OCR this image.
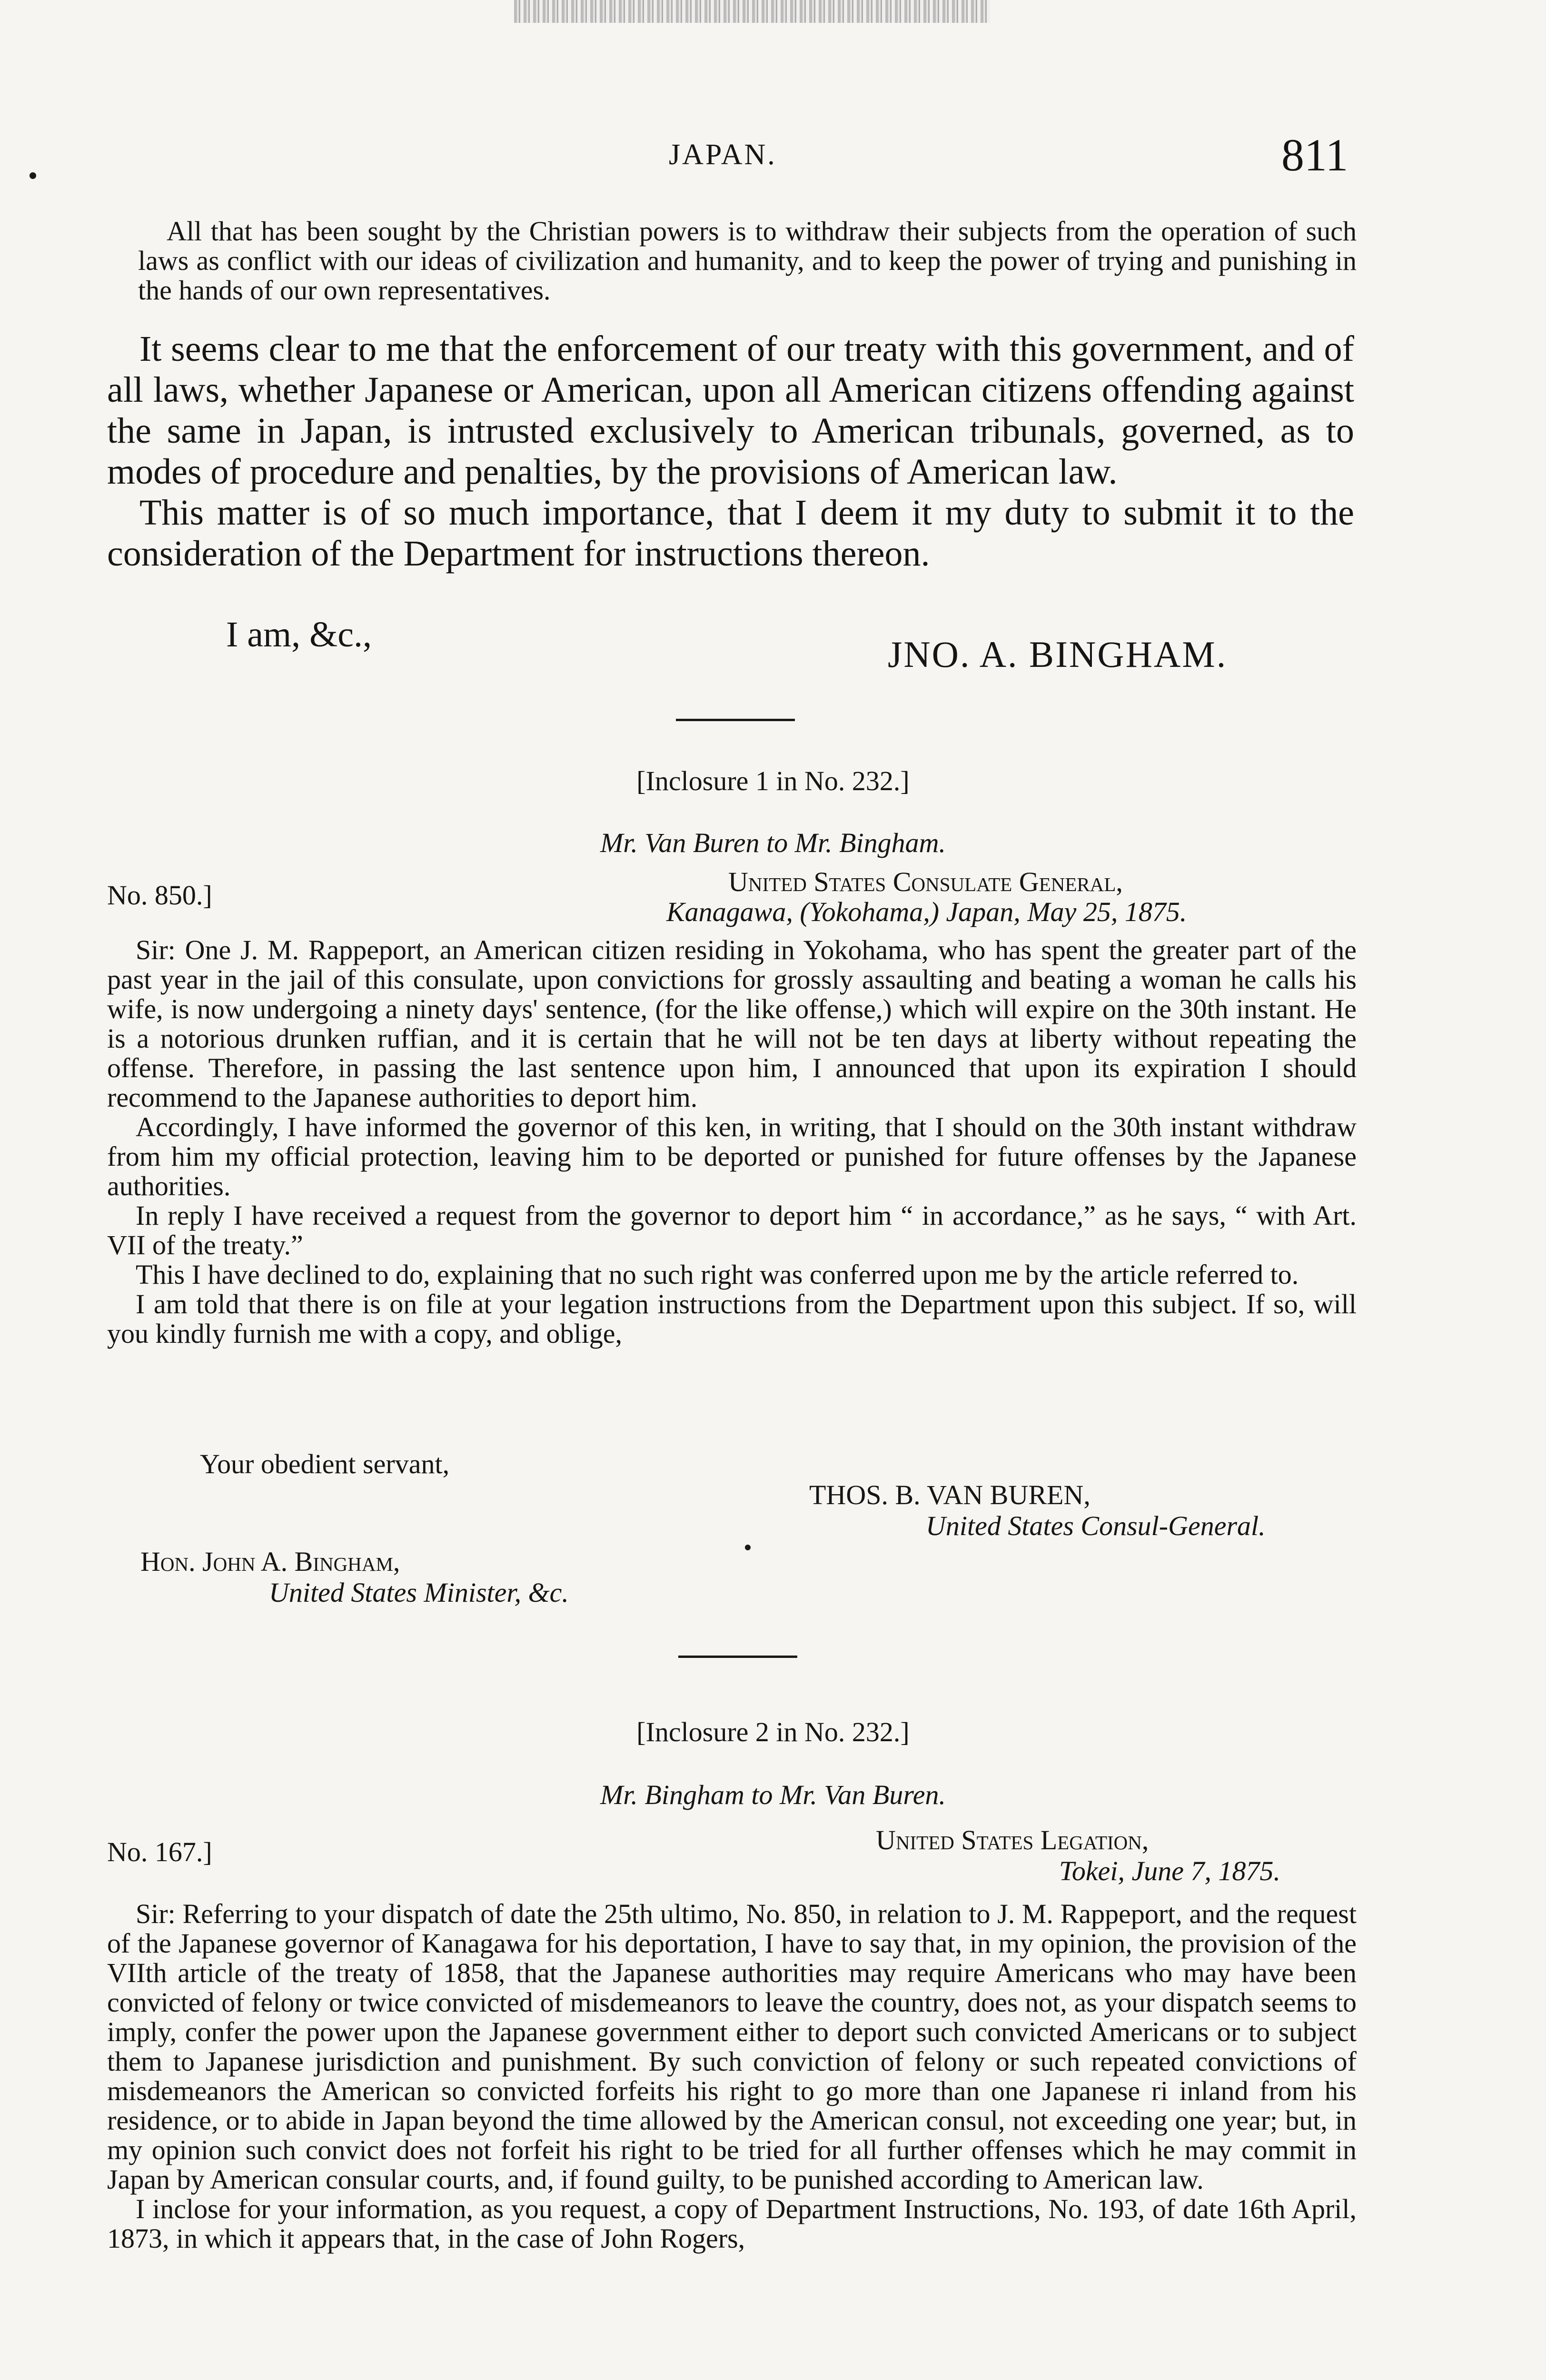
JAPAN.	811

All that has been sought by the Christian powers is to withdraw their subjects from the operation of such laws as conflict with our ideas of civilization and humanity, and to keep the power of trying and punishing in the hands of our own representatives.

It seems clear to me that the enforcement of our treaty with this government, and of all laws, whether Japanese or American, upon all American citizens offending against the same in Japan, is intrusted exclusively to American tribunals, governed, as to modes of procedure and penalties, by the provisions of American law.

This matter is of so much importance, that I deem it my duty to submit it to the consideration of the Department for instructions thereon.

I am, &c.,	JNO. A. BINGHAM.
[Inclosure 1 in No. 232.]
Mr. Van Buren to Mr. Bingham.
No. 850.]	United States Consulate General,
Kanagawa, (Yokohama,) Japan, May 25, 1875.

Sir: One J. M. Rappeport, an American citizen residing in Yokohama, who has spent the greater part of the past year in the jail of this consulate, upon convictions for grossly assaulting and beating a woman he calls his wife, is now undergoing a ninety days' sentence, (for the like offense,) which will expire on the 30th instant. He is a notorious drunken ruffian, and it is certain that he will not be ten days at liberty without repeating the offense. Therefore, in passing the last sentence upon him, I announced that upon its expiration I should recommend to the Japanese authorities to deport him.

Accordingly, I have informed the governor of this ken, in writing, that I should on the 30th instant withdraw from him my official protection, leaving him to be deported or punished for future offenses by the Japanese authorities.

In reply I have received a request from the governor to deport him “ in accordance,” as he says, “ with Art. VII of the treaty.”

This I have declined to do, explaining that no such right was conferred upon me by the article referred to.

I am told that there is on file at your legation instructions from the Department upon this subject. If so, will you kindly furnish me with a copy, and oblige,

Your obedient servant,
THOS. B. VAN BUREN,
United States Consul-General.
Hon. John A. Bingham,
United States Minister, &c.
[Inclosure 2 in No. 232.]
Mr. Bingham to Mr. Van Buren.
No. 167.]	United States Legation,
Tokei, June 7, 1875.

Sir: Referring to your dispatch of date the 25th ultimo, No. 850, in relation to J. M. Rappeport, and the request of the Japanese governor of Kanagawa for his deportation, I have to say that, in my opinion, the provision of the VIIth article of the treaty of 1858, that the Japanese authorities may require Americans who may have been convicted of felony or twice convicted of misdemeanors to leave the country, does not, as your dispatch seems to imply, confer the power upon the Japanese government either to deport such convicted Americans or to subject them to Japanese jurisdiction and punishment. By such conviction of felony or such repeated convictions of misdemeanors the American so convicted forfeits his right to go more than one Japanese ri inland from his residence, or to abide in Japan beyond the time allowed by the American consul, not exceeding one year; but, in my opinion such convict does not forfeit his right to be tried for all further offenses which he may commit in Japan by American consular courts, and, if found guilty, to be punished according to American law.

I inclose for your information, as you request, a copy of Department Instructions, No. 193, of date 16th April, 1873, in which it appears that, in the case of John Rogers,
